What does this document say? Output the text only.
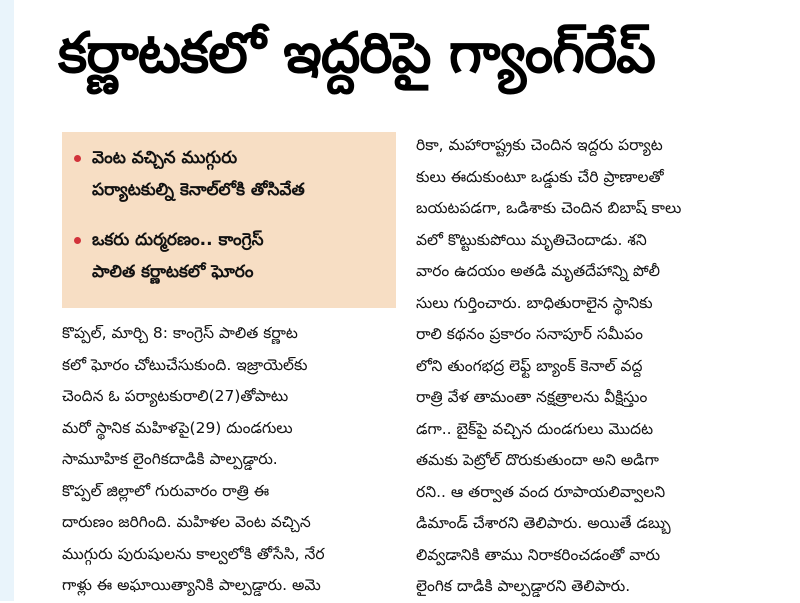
కర్ణాటకలో ఇద్దరిపై గ్యాంగ్‌రేప్
వెంట వచ్చిన ముగ్గురు
పర్యాటకుల్ని కెనాల్‌లోకి తోసివేత
ఒకరు దుర్మరణం.. కాంగ్రెస్
పాలిత కర్ణాటకలో ఘోరం
కొప్పల్, మార్చి 8: కాంగ్రెస్ పాలిత కర్ణాట
కలో ఘోరం చోటుచేసుకుంది. ఇజ్రాయెల్‌కు
చెందిన ఓ పర్యాటకురాలి(27)తోపాటు
మరో స్థానిక మహిళపై(29) దుండగులు
సామూహిక లైంగికదాడికి పాల్పడ్డారు.
కొప్పల్ జిల్లాలో గురువారం రాత్రి ఈ
దారుణం జరిగింది. మహిళల వెంట వచ్చిన
ముగ్గురు పురుషులను కాల్వలోకి తోసేసి, నేర
గాళ్లు ఈ అఘాయిత్యానికి పాల్పడ్డారు. అమె
రికా, మహారాష్ట్రకు చెందిన ఇద్దరు పర్యాట
కులు ఈదుకుంటూ ఒడ్డుకు చేరి ప్రాణాలతో
బయటపడగా, ఒడిశాకు చెందిన బిబాష్ కాలు
వలో కొట్టుకుపోయి మృతిచెందాడు. శని
వారం ఉదయం అతడి మృతదేహాన్ని పోలీ
సులు గుర్తించారు. బాధితురాలైన స్థానికు
రాలి కథనం ప్రకారం సనాపూర్ సమీపం
లోని తుంగభద్ర లెఫ్ట్ బ్యాంక్ కెనాల్ వద్ద
రాత్రి వేళ తామంతా నక్షత్రాలను వీక్షిస్తుం
డగా.. బైక్‌పై వచ్చిన దుండగులు మొదట
తమకు పెట్రోల్ దొరుకుతుందా అని అడిగా
రని.. ఆ తర్వాత వంద రూపాయలివ్వాలని
డిమాండ్ చేశారని తెలిపారు. అయితే డబ్బు
లివ్వడానికి తాము నిరాకరించడంతో వారు
లైంగిక దాడికి పాల్పడ్డారని తెలిపారు.
